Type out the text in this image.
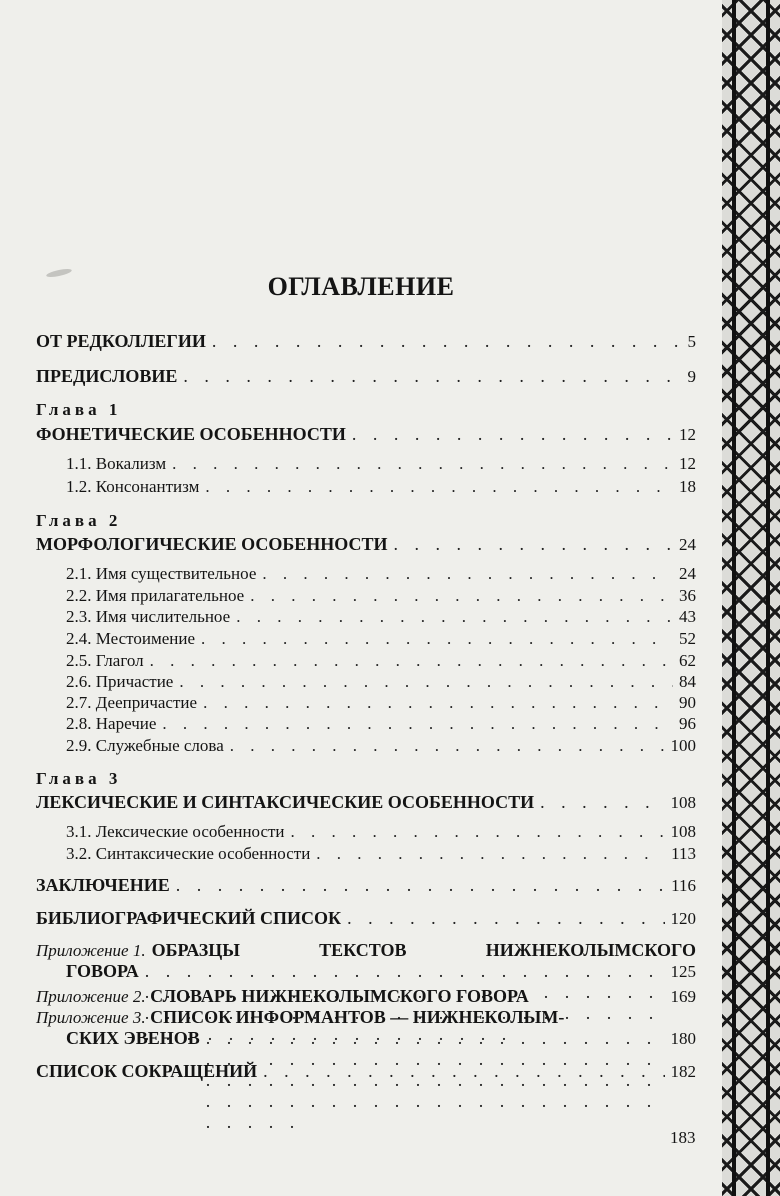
ОГЛАВЛЕНИЕ
ОТ РЕДКОЛЛЕГИИ . . .	5
ПРЕДИСЛОВИЕ . . .	9
Глава 1
ФОНЕТИЧЕСКИЕ ОСОБЕННОСТИ . . .	12
1.1. Вокализм . . .	12
1.2. Консонантизм . . .	18
Глава 2
МОРФОЛОГИЧЕСКИЕ ОСОБЕННОСТИ . . .	24
2.1. Имя существительное . . .	24
2.2. Имя прилагательное . . .	36
2.3. Имя числительное . . .	43
2.4. Местоимение . . .	52
2.5. Глагол . . .	62
2.6. Причастие . . .	84
2.7. Деепричастие . . .	90
2.8. Наречие . . .	96
2.9. Служебные слова . . .	100
Глава 3
ЛЕКСИЧЕСКИЕ И СИНТАКСИЧЕСКИЕ ОСОБЕННОСТИ . . .	108
3.1. Лексические особенности . . .	108
3.2. Синтаксические особенности . . .	113
ЗАКЛЮЧЕНИЕ . . .	116
БИБЛИОГРАФИЧЕСКИЙ СПИСОК . . .	120
Приложение 1. ОБРАЗЦЫ ТЕКСТОВ НИЖНЕКОЛЫМСКОГО
ГОВОРА . . .	125
Приложение 2.
СЛОВАРЬ НИЖНЕКОЛЫМСКОГО ГОВОРА	169
Приложение 3.
СПИСОК ИНФОРМАНТОВ — НИЖНЕКОЛЫМ-
СКИХ ЭВЕНОВ . . .	180
СПИСОК СОКРАЩЕНИЙ . . .	182
183
